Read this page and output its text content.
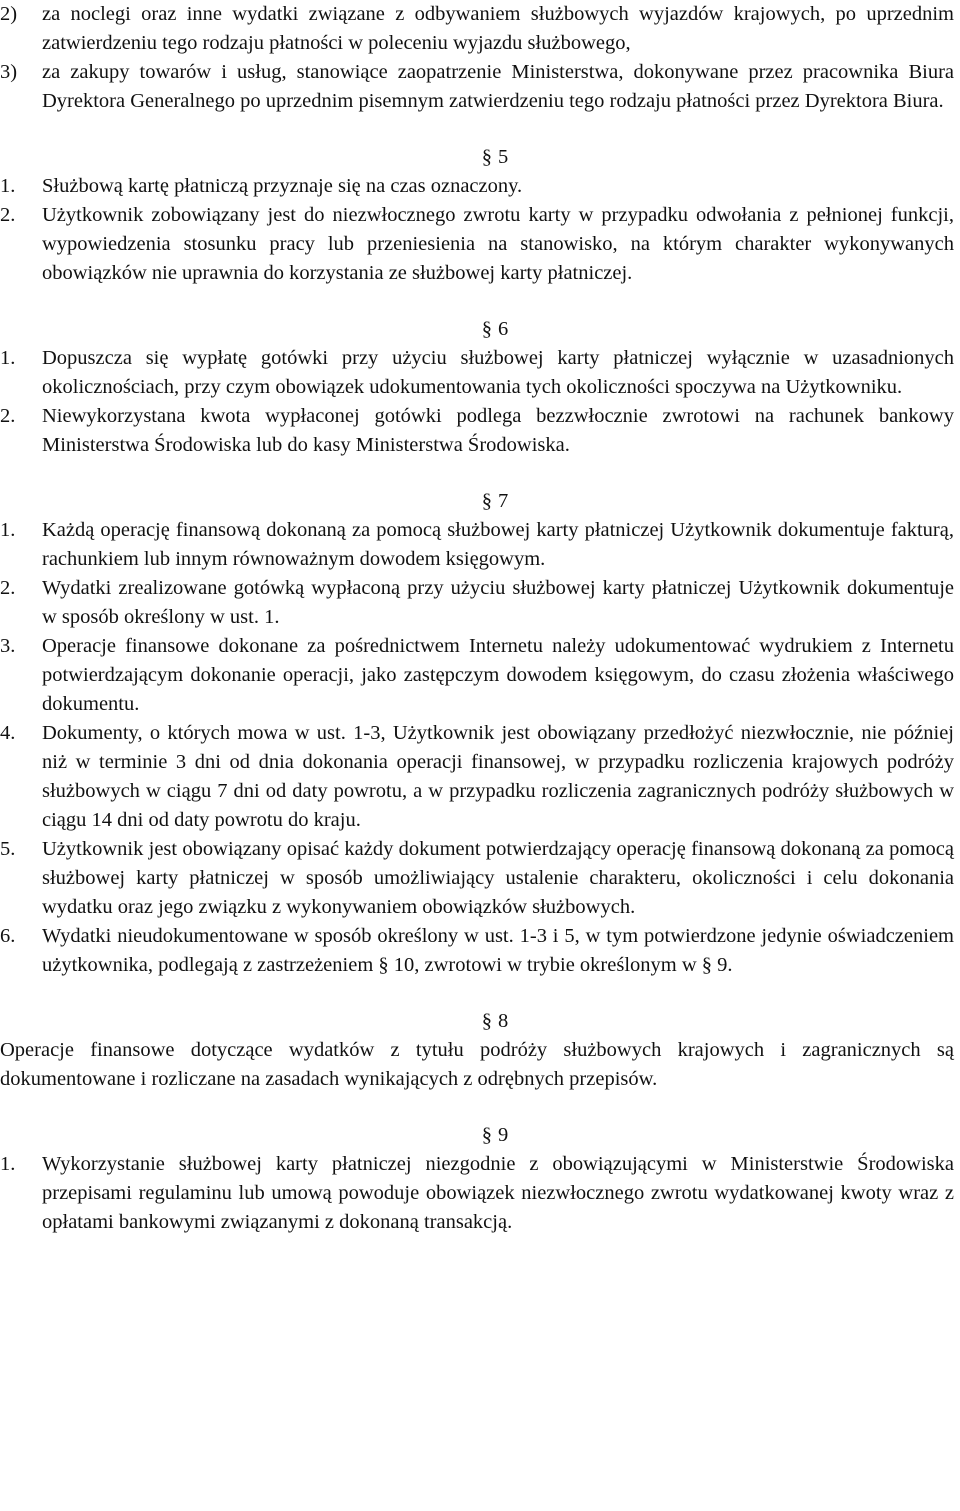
2) za noclegi oraz inne wydatki związane z odbywaniem służbowych wyjazdów krajowych, po uprzednim zatwierdzeniu tego rodzaju płatności w poleceniu wyjazdu służbowego,
3) za zakupy towarów i usług, stanowiące zaopatrzenie Ministerstwa, dokonywane przez pracownika Biura Dyrektora Generalnego po uprzednim pisemnym zatwierdzeniu tego rodzaju płatności przez Dyrektora Biura.
§ 5
1. Służbową kartę płatniczą przyznaje się na czas oznaczony.
2. Użytkownik zobowiązany jest do niezwłocznego zwrotu karty w przypadku odwołania z pełnionej funkcji, wypowiedzenia stosunku pracy lub przeniesienia na stanowisko, na którym charakter wykonywanych obowiązków nie uprawnia do korzystania ze służbowej karty płatniczej.
§ 6
1. Dopuszcza się wypłatę gotówki przy użyciu służbowej karty płatniczej wyłącznie w uzasadnionych okolicznościach, przy czym obowiązek udokumentowania tych okoliczności spoczywa na Użytkowniku.
2. Niewykorzystana kwota wypłaconej gotówki podlega bezzwłocznie zwrotowi na rachunek bankowy Ministerstwa Środowiska lub do kasy Ministerstwa Środowiska.
§ 7
1. Każdą operację finansową dokonaną za pomocą służbowej karty płatniczej Użytkownik dokumentuje fakturą, rachunkiem lub innym równoważnym dowodem księgowym.
2. Wydatki zrealizowane gotówką wypłaconą przy użyciu służbowej karty płatniczej Użytkownik dokumentuje w sposób określony w ust. 1.
3. Operacje finansowe dokonane za pośrednictwem Internetu należy udokumentować wydrukiem z Internetu potwierdzającym dokonanie operacji, jako zastępczym dowodem księgowym, do czasu złożenia właściwego dokumentu.
4. Dokumenty, o których mowa w ust. 1-3, Użytkownik jest obowiązany przedłożyć niezwłocznie, nie później niż w terminie 3 dni od dnia dokonania operacji finansowej, w przypadku rozliczenia krajowych podróży służbowych w ciągu 7 dni od daty powrotu, a w przypadku rozliczenia zagranicznych podróży służbowych w ciągu 14 dni od daty powrotu do kraju.
5. Użytkownik jest obowiązany opisać każdy dokument potwierdzający operację finansową dokonaną za pomocą służbowej karty płatniczej w sposób umożliwiający ustalenie charakteru, okoliczności i celu dokonania wydatku oraz jego związku z wykonywaniem obowiązków służbowych.
6. Wydatki nieudokumentowane w sposób określony w ust. 1-3 i 5, w tym potwierdzone jedynie oświadczeniem użytkownika, podlegają z zastrzeżeniem § 10, zwrotowi w trybie określonym w § 9.
§ 8
Operacje finansowe dotyczące wydatków z tytułu podróży służbowych krajowych i zagranicznych są dokumentowane i rozliczane na zasadach wynikających z odrębnych przepisów.
§ 9
1. Wykorzystanie służbowej karty płatniczej niezgodnie z obowiązującymi w Ministerstwie Środowiska przepisami regulaminu lub umową powoduje obowiązek niezwłocznego zwrotu wydatkowanej kwoty wraz z opłatami bankowymi związanymi z dokonaną transakcją.
